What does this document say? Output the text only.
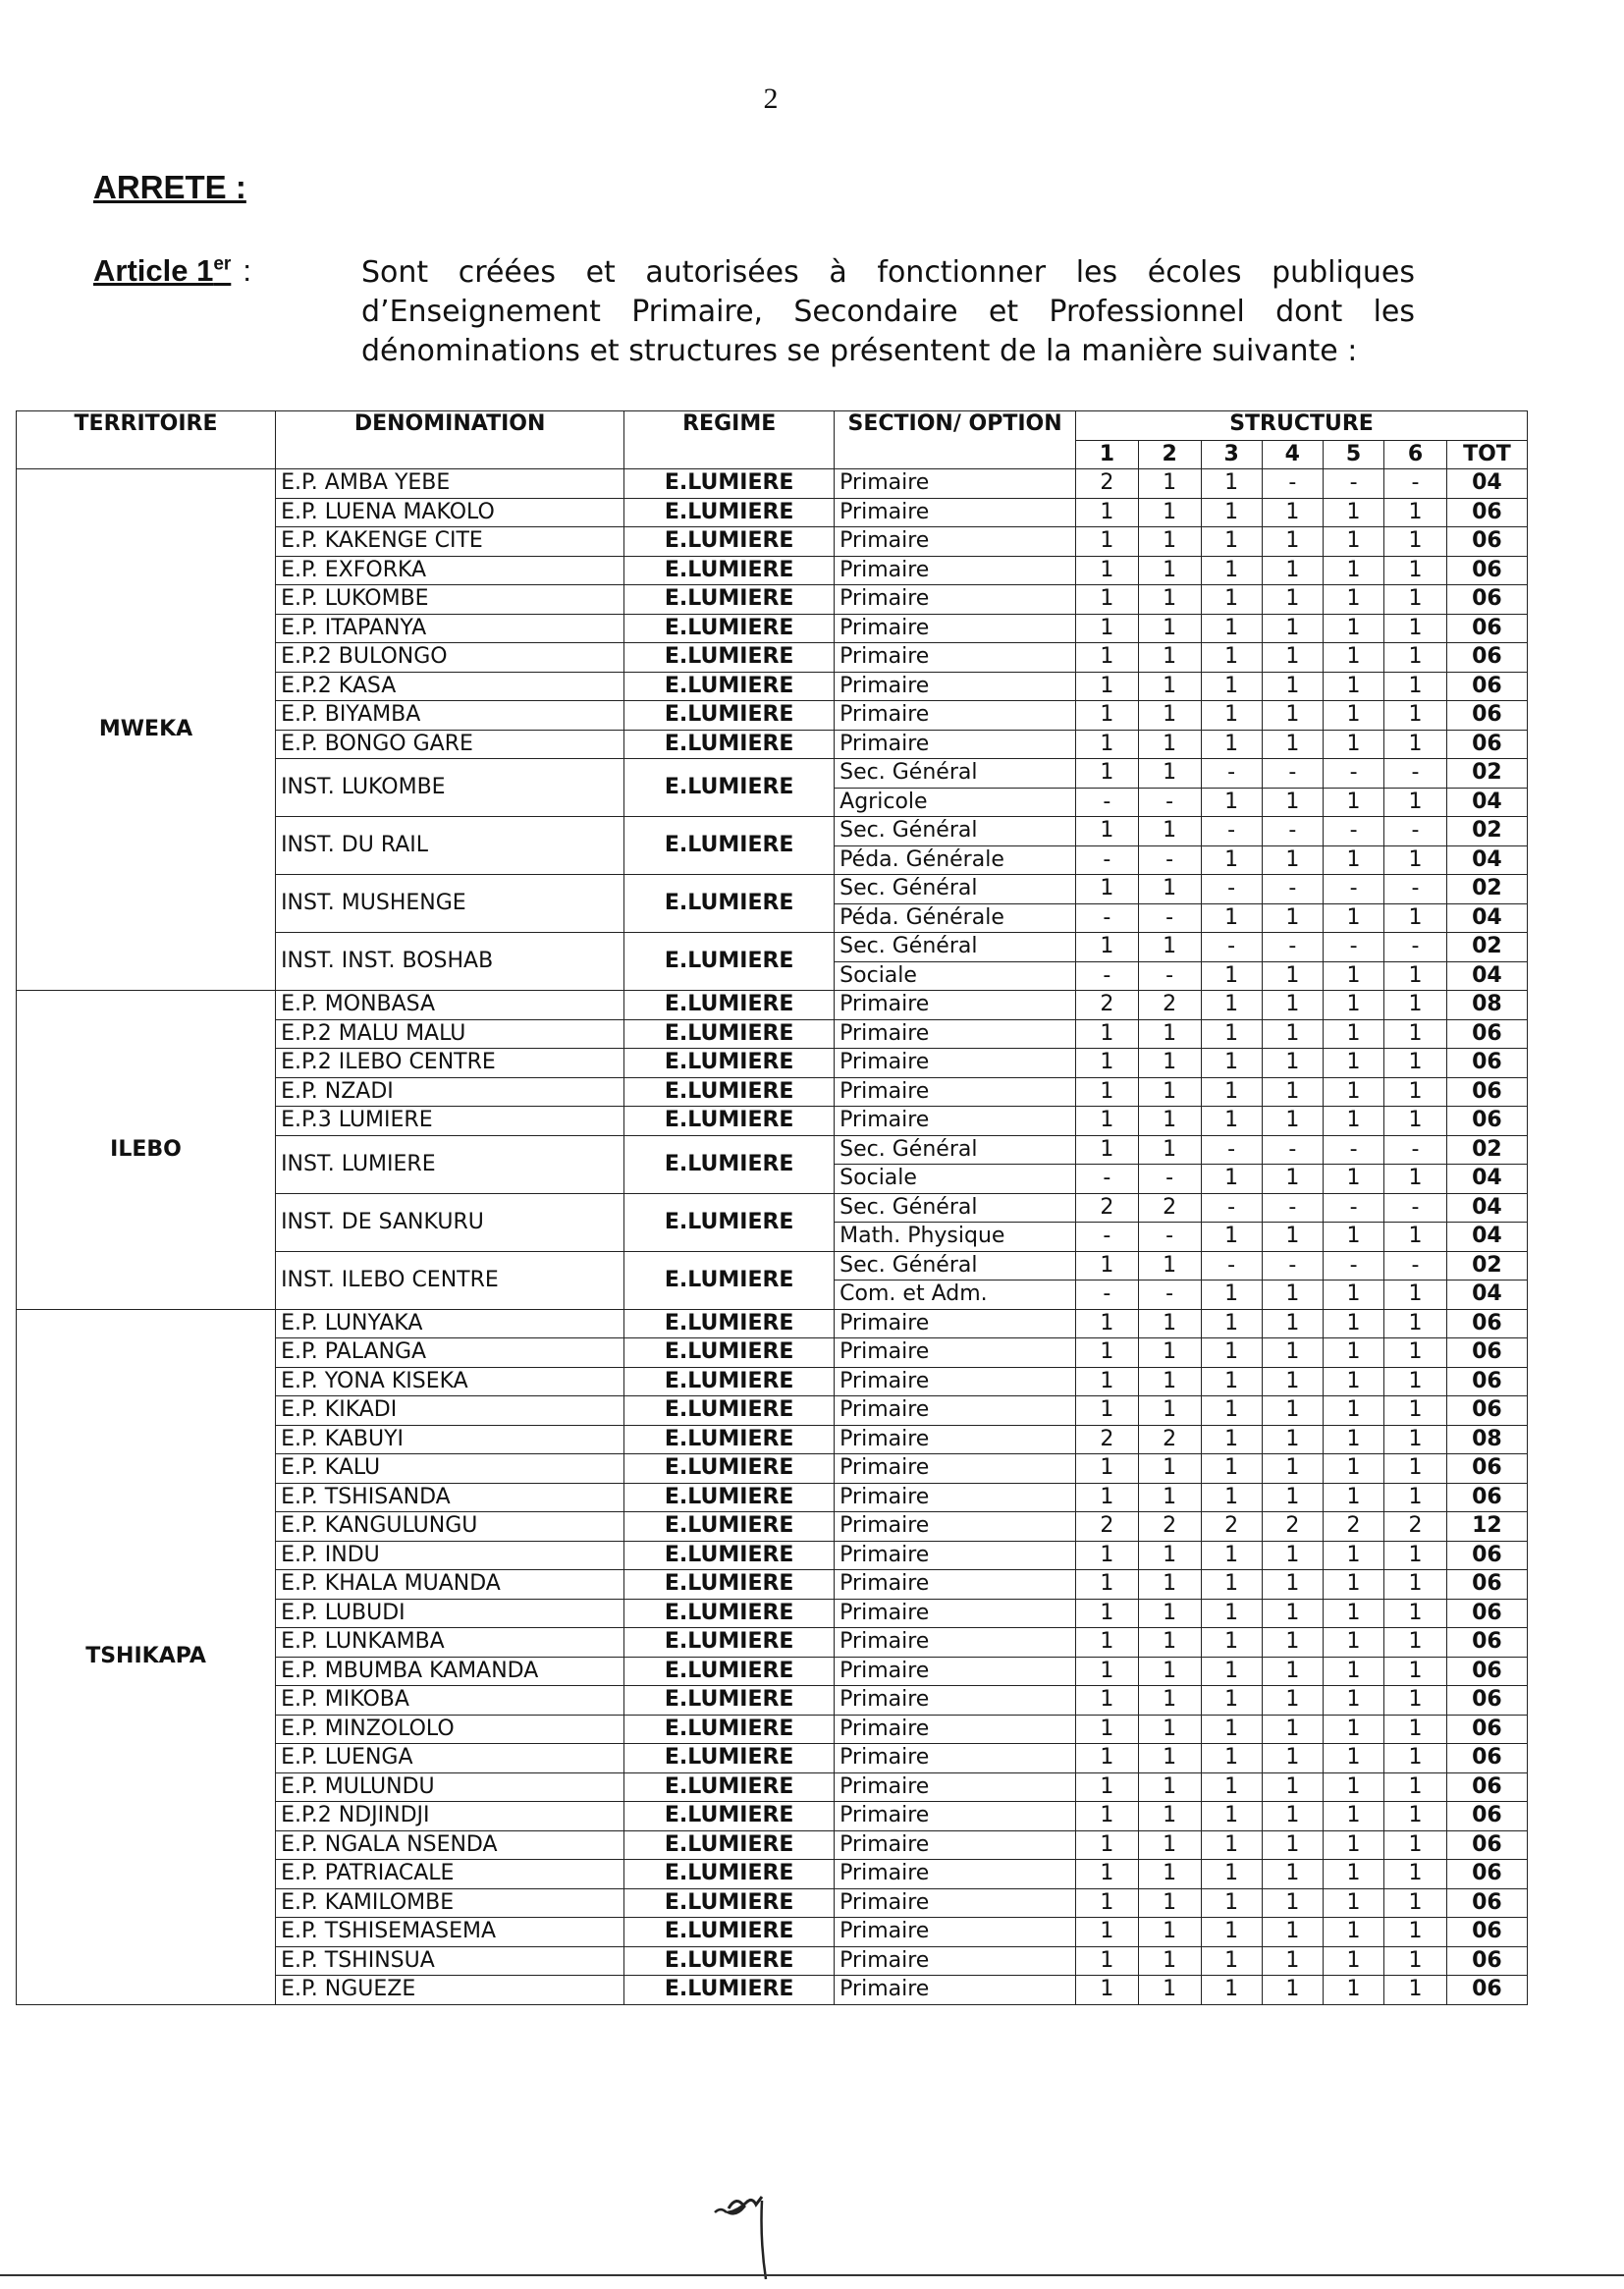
2
ARRETE :
Article 1er :	Sont créées et autorisées à fonctionner les écoles publiques d’Enseignement Primaire, Secondaire et Professionnel dont les dénominations et structures se présentent de la manière suivante :
TERRITOIRE	DENOMINATION	REGIME	SECTION/ OPTION	STRUCTURE						
				1	2	3	4	5	6	TOT
MWEKA	E.P. AMBA YEBE	E.LUMIERE	Primaire	2	1	1	-	-	-	04
	E.P. LUENA MAKOLO	E.LUMIERE	Primaire	1	1	1	1	1	1	06
	E.P. KAKENGE CITE	E.LUMIERE	Primaire	1	1	1	1	1	1	06
	E.P. EXFORKA	E.LUMIERE	Primaire	1	1	1	1	1	1	06
	E.P. LUKOMBE	E.LUMIERE	Primaire	1	1	1	1	1	1	06
	E.P. ITAPANYA	E.LUMIERE	Primaire	1	1	1	1	1	1	06
	E.P.2 BULONGO	E.LUMIERE	Primaire	1	1	1	1	1	1	06
	E.P.2 KASA	E.LUMIERE	Primaire	1	1	1	1	1	1	06
	E.P. BIYAMBA	E.LUMIERE	Primaire	1	1	1	1	1	1	06
	E.P. BONGO GARE	E.LUMIERE	Primaire	1	1	1	1	1	1	06
	INST. LUKOMBE	E.LUMIERE	Sec. Général	1	1	-	-	-	-	02
			Agricole	-	-	1	1	1	1	04
	INST. DU RAIL	E.LUMIERE	Sec. Général	1	1	-	-	-	-	02
			Péda. Générale	-	-	1	1	1	1	04
	INST. MUSHENGE	E.LUMIERE	Sec. Général	1	1	-	-	-	-	02
			Péda. Générale	-	-	1	1	1	1	04
	INST. INST. BOSHAB	E.LUMIERE	Sec. Général	1	1	-	-	-	-	02
			Sociale	-	-	1	1	1	1	04
ILEBO	E.P. MONBASA	E.LUMIERE	Primaire	2	2	1	1	1	1	08
	E.P.2 MALU MALU	E.LUMIERE	Primaire	1	1	1	1	1	1	06
	E.P.2 ILEBO CENTRE	E.LUMIERE	Primaire	1	1	1	1	1	1	06
	E.P. NZADI	E.LUMIERE	Primaire	1	1	1	1	1	1	06
	E.P.3 LUMIERE	E.LUMIERE	Primaire	1	1	1	1	1	1	06
	INST. LUMIERE	E.LUMIERE	Sec. Général	1	1	-	-	-	-	02
			Sociale	-	-	1	1	1	1	04
	INST. DE SANKURU	E.LUMIERE	Sec. Général	2	2	-	-	-	-	04
			Math. Physique	-	-	1	1	1	1	04
	INST. ILEBO CENTRE	E.LUMIERE	Sec. Général	1	1	-	-	-	-	02
			Com. et Adm.	-	-	1	1	1	1	04
TSHIKAPA	E.P. LUNYAKA	E.LUMIERE	Primaire	1	1	1	1	1	1	06
	E.P. PALANGA	E.LUMIERE	Primaire	1	1	1	1	1	1	06
	E.P. YONA KISEKA	E.LUMIERE	Primaire	1	1	1	1	1	1	06
	E.P. KIKADI	E.LUMIERE	Primaire	1	1	1	1	1	1	06
	E.P. KABUYI	E.LUMIERE	Primaire	2	2	1	1	1	1	08
	E.P. KALU	E.LUMIERE	Primaire	1	1	1	1	1	1	06
	E.P. TSHISANDA	E.LUMIERE	Primaire	1	1	1	1	1	1	06
	E.P. KANGULUNGU	E.LUMIERE	Primaire	2	2	2	2	2	2	12
	E.P. INDU	E.LUMIERE	Primaire	1	1	1	1	1	1	06
	E.P. KHALA MUANDA	E.LUMIERE	Primaire	1	1	1	1	1	1	06
	E.P. LUBUDI	E.LUMIERE	Primaire	1	1	1	1	1	1	06
	E.P. LUNKAMBA	E.LUMIERE	Primaire	1	1	1	1	1	1	06
	E.P. MBUMBA KAMANDA	E.LUMIERE	Primaire	1	1	1	1	1	1	06
	E.P. MIKOBA	E.LUMIERE	Primaire	1	1	1	1	1	1	06
	E.P. MINZOLOLO	E.LUMIERE	Primaire	1	1	1	1	1	1	06
	E.P. LUENGA	E.LUMIERE	Primaire	1	1	1	1	1	1	06
	E.P. MULUNDU	E.LUMIERE	Primaire	1	1	1	1	1	1	06
	E.P.2 NDJINDJI	E.LUMIERE	Primaire	1	1	1	1	1	1	06
	E.P. NGALA NSENDA	E.LUMIERE	Primaire	1	1	1	1	1	1	06
	E.P. PATRIACALE	E.LUMIERE	Primaire	1	1	1	1	1	1	06
	E.P. KAMILOMBE	E.LUMIERE	Primaire	1	1	1	1	1	1	06
	E.P. TSHISEMASEMA	E.LUMIERE	Primaire	1	1	1	1	1	1	06
	E.P. TSHINSUA	E.LUMIERE	Primaire	1	1	1	1	1	1	06
	E.P. NGUEZE	E.LUMIERE	Primaire	1	1	1	1	1	1	06
